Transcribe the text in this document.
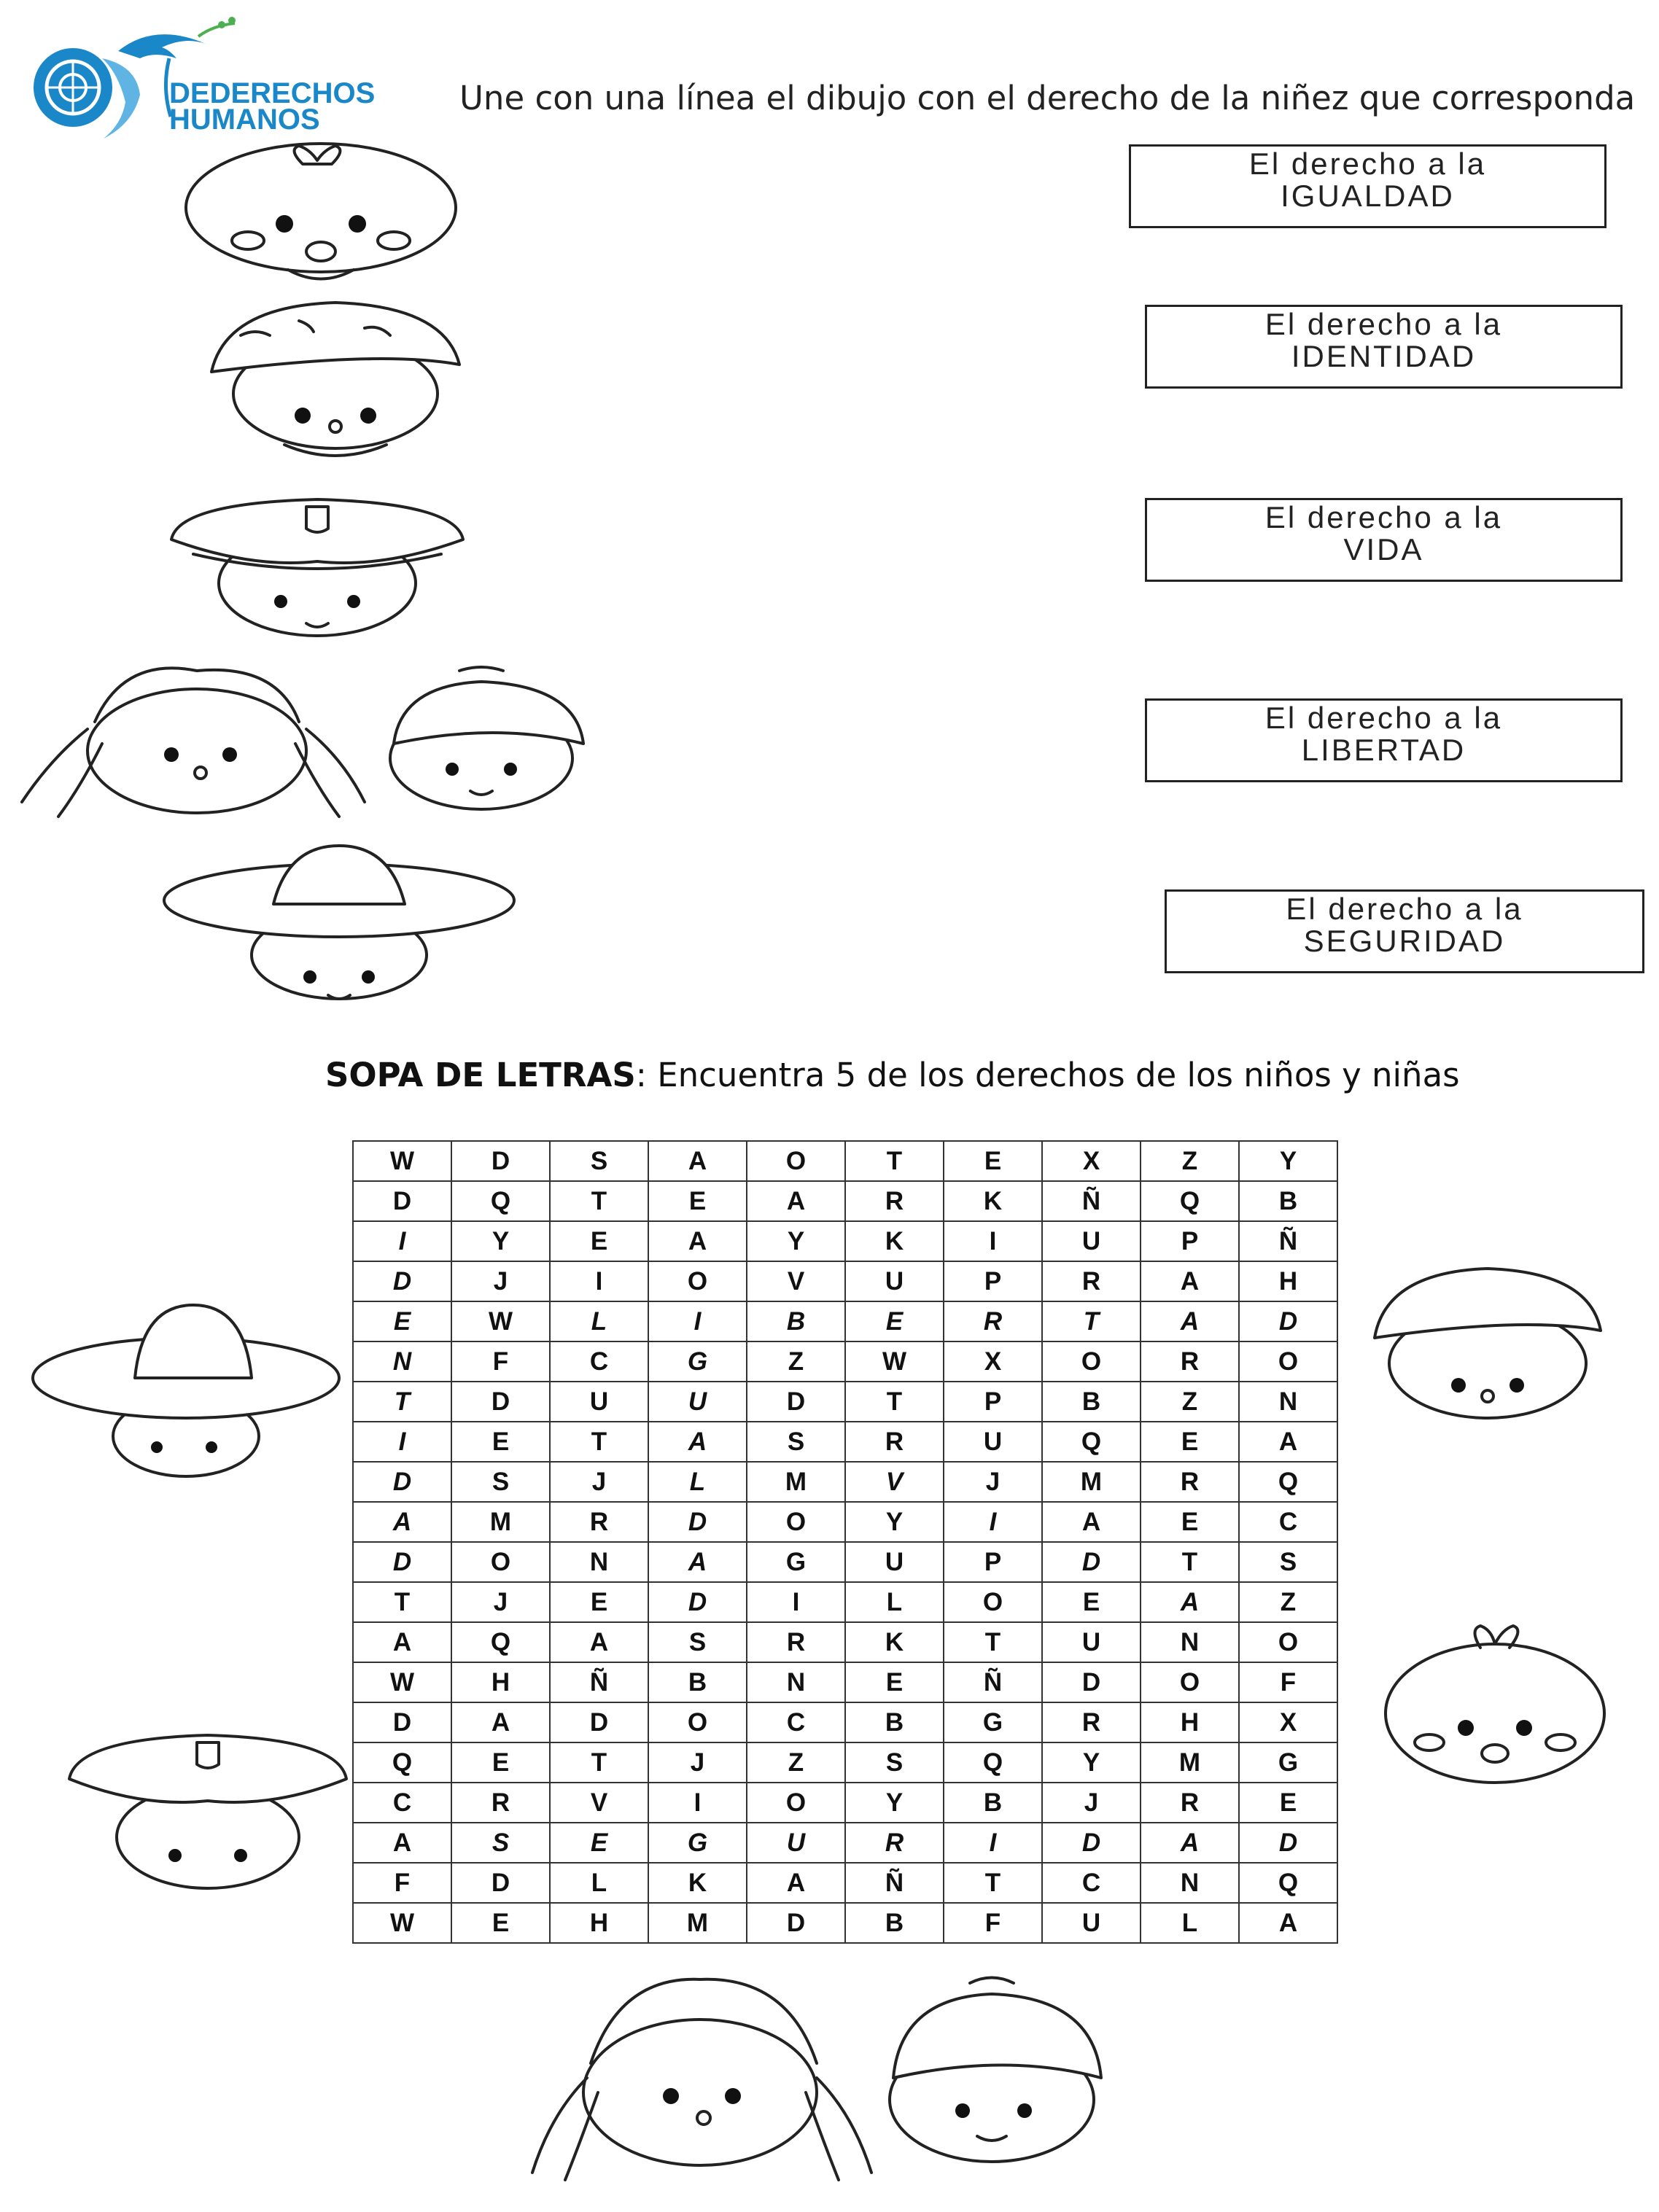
DEDERECHOS
HUMANOS
Une con una línea el dibujo con el derecho de la niñez que corresponda
El derecho a la
IGUALDAD
El derecho a la
IDENTIDAD
El derecho a la
VIDA
El derecho a la
LIBERTAD
El derecho a la
SEGURIDAD
SOPA DE LETRAS: Encuentra 5 de los derechos de los niños y niñas
W	D	S	A	O	T	E	X	Z	Y
D	Q	T	E	A	R	K	Ñ	Q	B
I	Y	E	A	Y	K	I	U	P	Ñ
D	J	I	O	V	U	P	R	A	H
E	W	L	I	B	E	R	T	A	D
N	F	C	G	Z	W	X	O	R	O
T	D	U	U	D	T	P	B	Z	N
I	E	T	A	S	R	U	Q	E	A
D	S	J	L	M	V	J	M	R	Q
A	M	R	D	O	Y	I	A	E	C
D	O	N	A	G	U	P	D	T	S
T	J	E	D	I	L	O	E	A	Z
A	Q	A	S	R	K	T	U	N	O
W	H	Ñ	B	N	E	Ñ	D	O	F
D	A	D	O	C	B	G	R	H	X
Q	E	T	J	Z	S	Q	Y	M	G
C	R	V	I	O	Y	B	J	R	E
A	S	E	G	U	R	I	D	A	D
F	D	L	K	A	Ñ	T	C	N	Q
W	E	H	M	D	B	F	U	L	A
